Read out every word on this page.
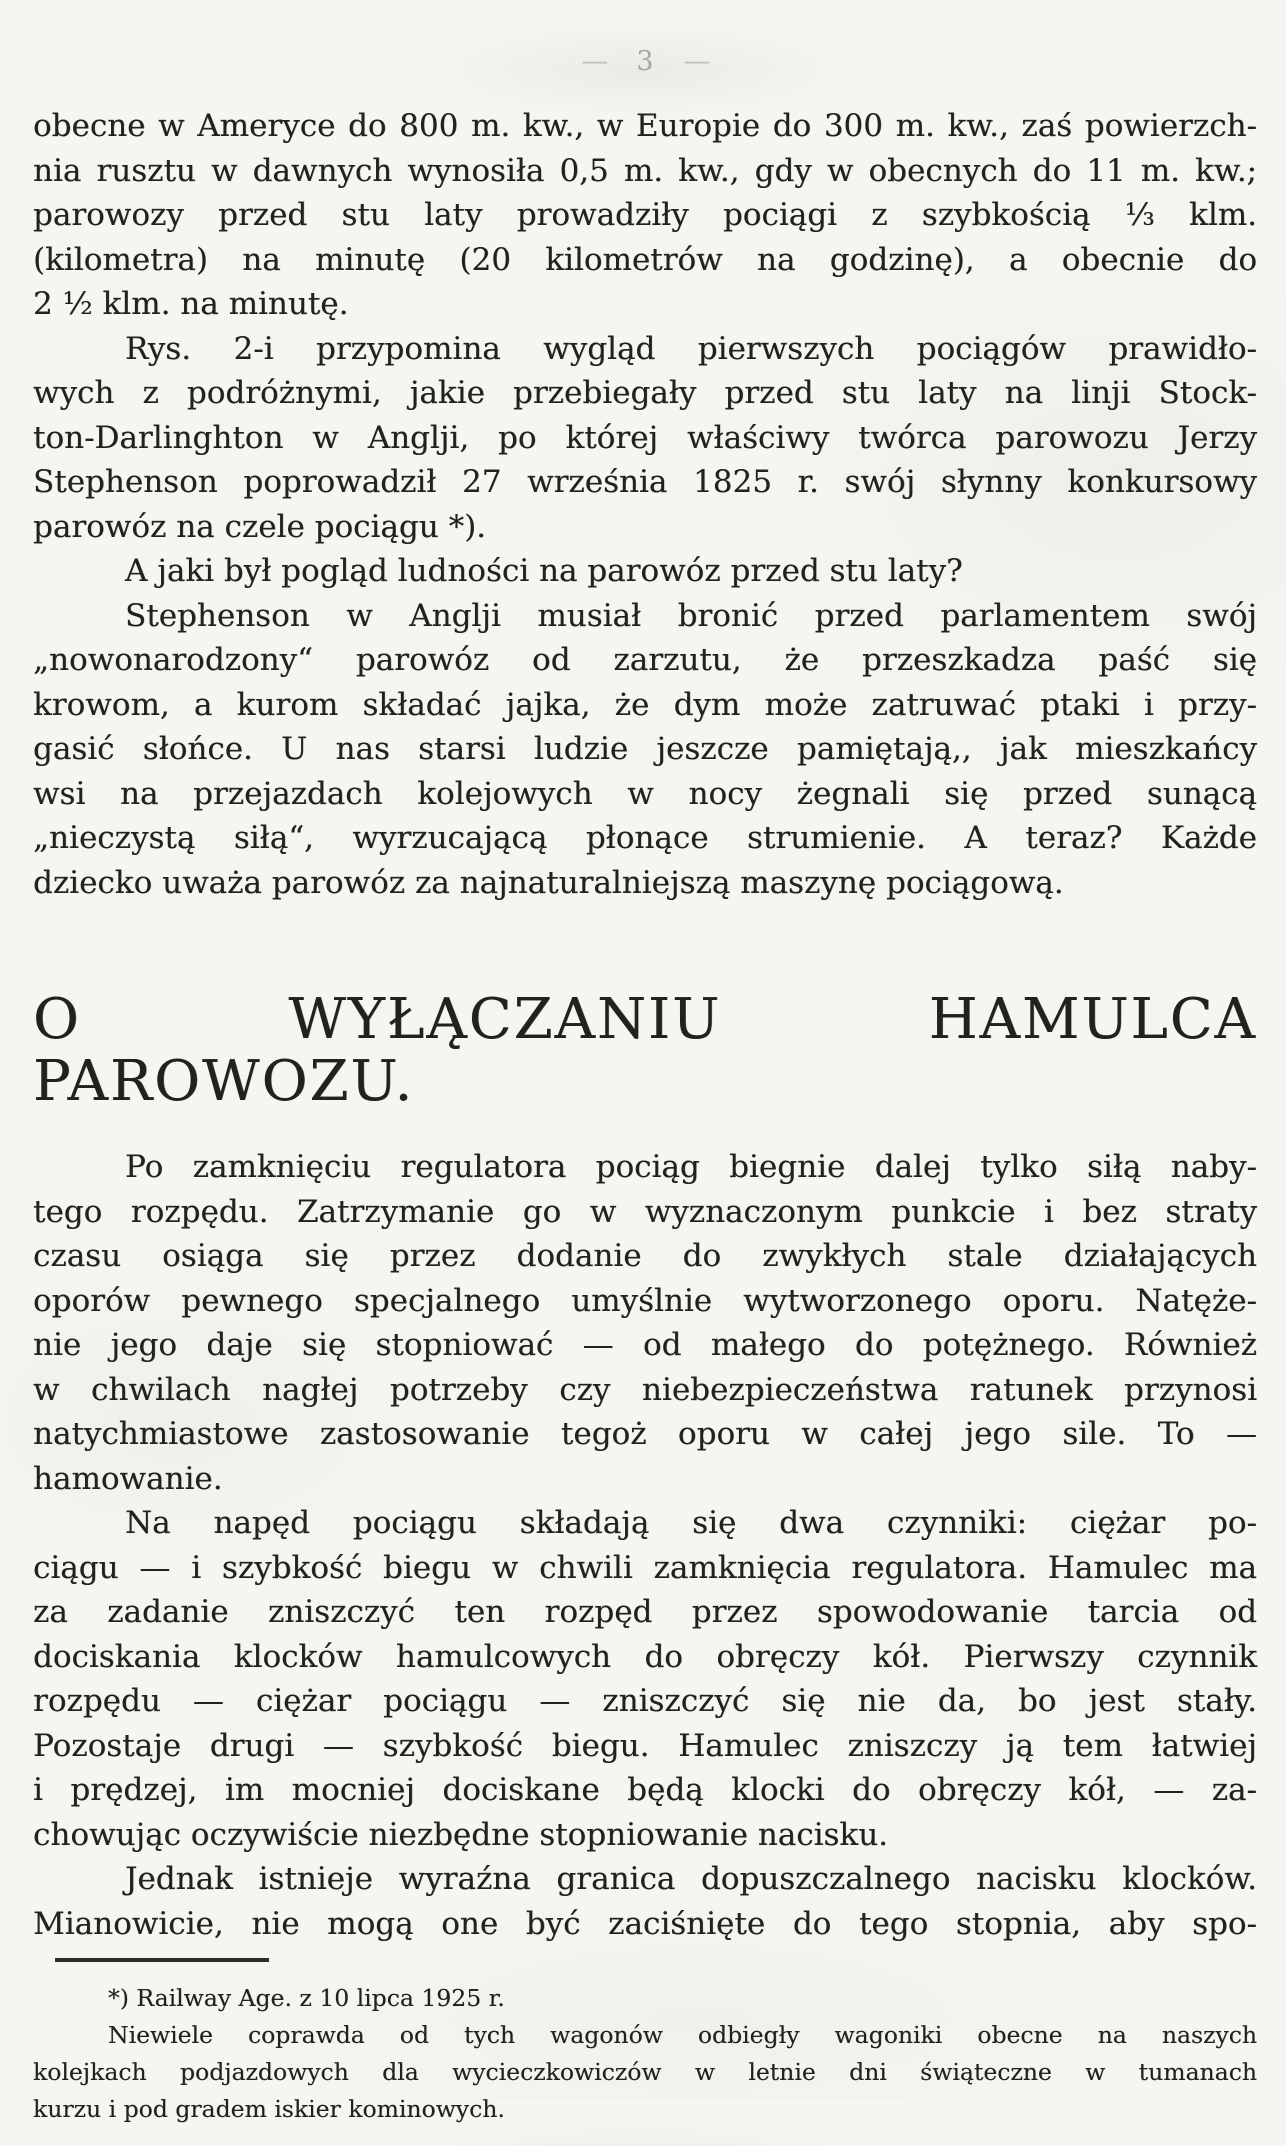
— 3 —
obecne w Ameryce do 800 m. kw., w Europie do 300 m. kw., zaś powierzch-
nia rusztu w dawnych wynosiła 0,5 m. kw., gdy w obecnych do 11 m. kw.;
parowozy przed stu laty prowadziły pociągi z szybkością ⅓ klm.
(kilometra) na minutę (20 kilometrów na godzinę), a obecnie do
2 ½ klm. na minutę.
Rys. 2-i przypomina wygląd pierwszych pociągów prawidło-
wych z podróżnymi, jakie przebiegały przed stu laty na linji Stock-
ton-Darlinghton w Anglji, po której właściwy twórca parowozu Jerzy
Stephenson poprowadził 27 września 1825 r. swój słynny konkursowy
parowóz na czele pociągu *).
A jaki był pogląd ludności na parowóz przed stu laty?
Stephenson w Anglji musiał bronić przed parlamentem swój
„nowonarodzony“ parowóz od zarzutu, że przeszkadza paść się
krowom, a kurom składać jajka, że dym może zatruwać ptaki i przy-
gasić słońce. U nas starsi ludzie jeszcze pamiętają,, jak mieszkańcy
wsi na przejazdach kolejowych w nocy żegnali się przed sunącą
„nieczystą siłą“, wyrzucającą płonące strumienie. A teraz? Każde
dziecko uważa parowóz za najnaturalniejszą maszynę pociągową.
O WYŁĄCZANIU HAMULCA PAROWOZU.
Po zamknięciu regulatora pociąg biegnie dalej tylko siłą naby-
tego rozpędu. Zatrzymanie go w wyznaczonym punkcie i bez straty
czasu osiąga się przez dodanie do zwykłych stale działających
oporów pewnego specjalnego umyślnie wytworzonego oporu. Natęże-
nie jego daje się stopniować — od małego do potężnego. Również
w chwilach nagłej potrzeby czy niebezpieczeństwa ratunek przynosi
natychmiastowe zastosowanie tegoż oporu w całej jego sile. To —
hamowanie.
Na napęd pociągu składają się dwa czynniki: ciężar po-
ciągu — i szybkość biegu w chwili zamknięcia regulatora. Hamulec ma
za zadanie zniszczyć ten rozpęd przez spowodowanie tarcia od
dociskania klocków hamulcowych do obręczy kół. Pierwszy czynnik
rozpędu — ciężar pociągu — zniszczyć się nie da, bo jest stały.
Pozostaje drugi — szybkość biegu. Hamulec zniszczy ją tem łatwiej
i prędzej, im mocniej dociskane będą klocki do obręczy kół, — za-
chowując oczywiście niezbędne stopniowanie nacisku.
Jednak istnieje wyraźna granica dopuszczalnego nacisku klocków.
Mianowicie, nie mogą one być zaciśnięte do tego stopnia, aby spo-
*) Railway Age. z 10 lipca 1925 r.
Niewiele coprawda od tych wagonów odbiegły wagoniki obecne na naszych
kolejkach podjazdowych dla wycieczkowiczów w letnie dni świąteczne w tumanach
kurzu i pod gradem iskier kominowych.
